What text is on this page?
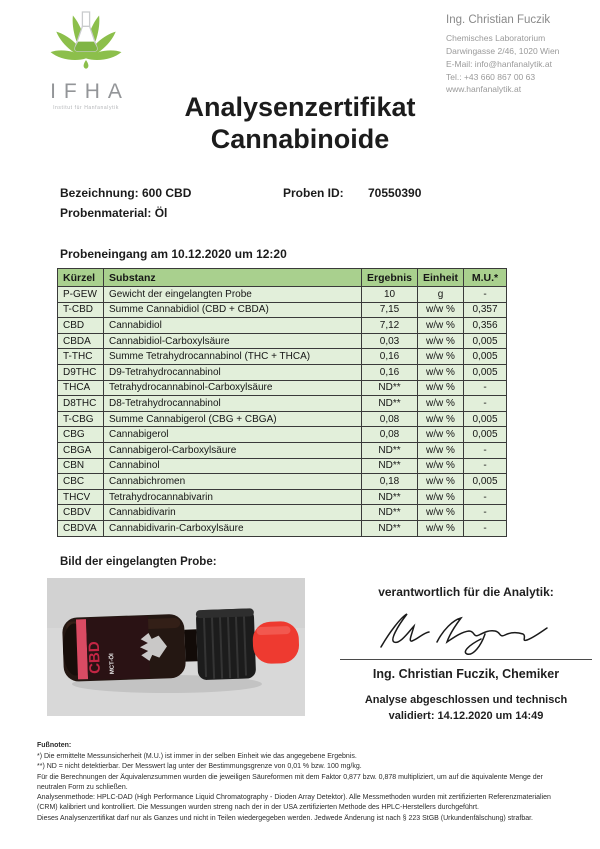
IFHA
Institut für Hanfanalytik
Ing. Christian Fuczik
Chemisches Laboratorium
Darwingasse 2/46, 1020 Wien
E-Mail: info@hanfanalytik.at
Tel.: +43 660 867 00 63
www.hanfanalytik.at
Analysenzertifikat
Cannabinoide
Bezeichnung: 600 CBD
Probenmaterial: Öl
Proben ID: 70550390
Probeneingang am 10.12.2020 um 12:20
Kürzel	Substanz	Ergebnis	Einheit	M.U.*
P-GEW	Gewicht der eingelangten Probe	10	g	-
T-CBD	Summe Cannabidiol (CBD + CBDA)	7,15	w/w %	0,357
CBD	Cannabidiol	7,12	w/w %	0,356
CBDA	Cannabidiol-Carboxylsäure	0,03	w/w %	0,005
T-THC	Summe Tetrahydrocannabinol (THC + THCA)	0,16	w/w %	0,005
D9THC	D9-Tetrahydrocannabinol	0,16	w/w %	0,005
THCA	Tetrahydrocannabinol-Carboxylsäure	ND**	w/w %	-
D8THC	D8-Tetrahydrocannabinol	ND**	w/w %	-
T-CBG	Summe Cannabigerol (CBG + CBGA)	0,08	w/w %	0,005
CBG	Cannabigerol	0,08	w/w %	0,005
CBGA	Cannabigerol-Carboxylsäure	ND**	w/w %	-
CBN	Cannabinol	ND**	w/w %	-
CBC	Cannabichromen	0,18	w/w %	0,005
THCV	Tetrahydrocannabivarin	ND**	w/w %	-
CBDV	Cannabidivarin	ND**	w/w %	-
CBDVA	Cannabidivarin-Carboxylsäure	ND**	w/w %	-
Bild der eingelangten Probe:
CBD MCT-Öl
verantwortlich für die Analytik:
Ing. Christian Fuczik, Chemiker
Analyse abgeschlossen und technisch
validiert: 14.12.2020 um 14:49

Fußnoten:

*) Die ermittelte Messunsicherheit (M.U.) ist immer in der selben Einheit wie das angegebene Ergebnis.

**) ND = nicht detektierbar. Der Messwert lag unter der Bestimmungsgrenze von 0,01 % bzw. 100 mg/kg.

Für die Berechnungen der Äquivalenzsummen wurden die jeweiligen Säureformen mit dem Faktor 0,877 bzw. 0,878 multipliziert, um auf die äquivalente Menge der neutralen Form zu schließen.

Analysenmethode: HPLC-DAD (High Performance Liquid Chromatography - Dioden Array Detektor). Alle Messmethoden wurden mit zertifizierten Referenzmaterialien (CRM) kalibriert und kontrolliert. Die Messungen wurden streng nach der in der USA zertifizierten Methode des HPLC-Herstellers durchgeführt.

Dieses Analysenzertifikat darf nur als Ganzes und nicht in Teilen wiedergegeben werden. Jedwede Änderung ist nach § 223 StGB (Urkundenfälschung) strafbar.
